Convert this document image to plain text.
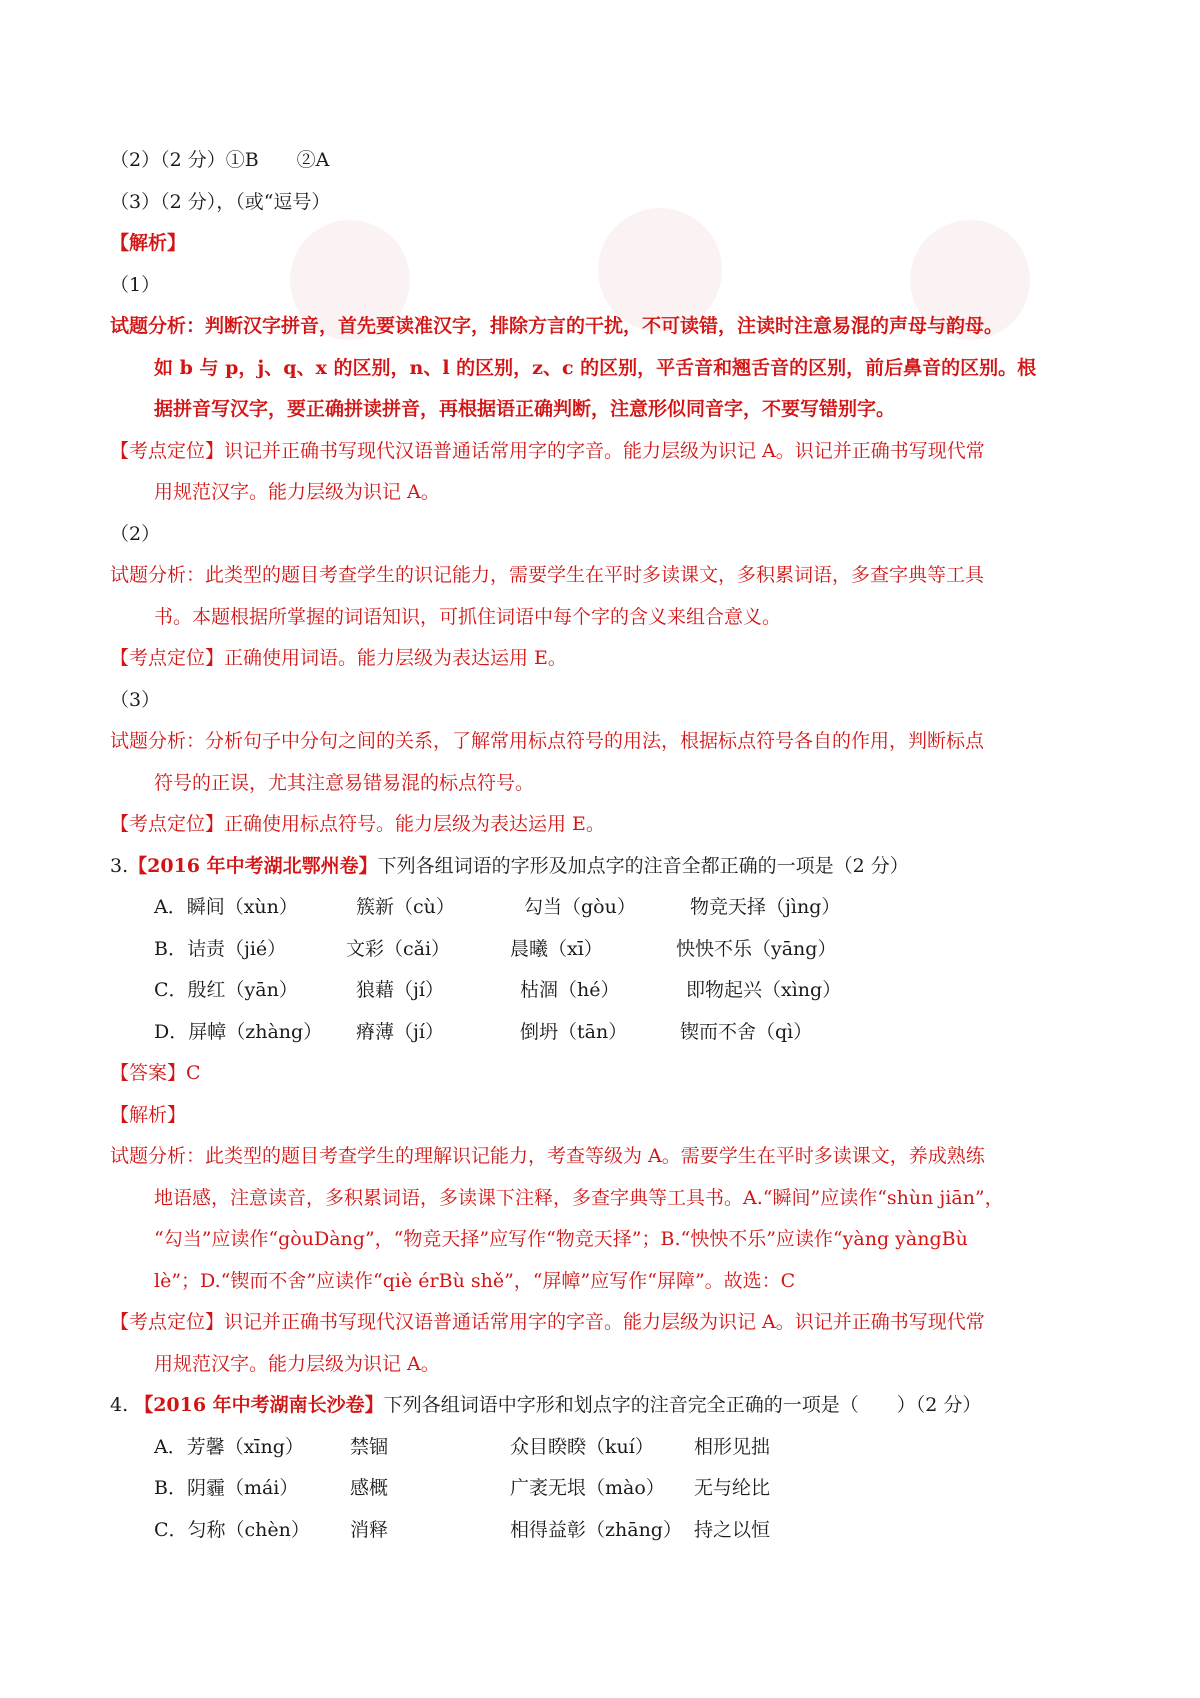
（2）（2 分）①B　　②A
（3）（2 分），（或“逗号）
【解析】
（1）
试题分析：判断汉字拼音，首先要读准汉字，排除方言的干扰，不可读错，注读时注意易混的声母与韵母。
如 b 与 p，j、q、x 的区别，n、l 的区别，z、c 的区别，平舌音和翘舌音的区别，前后鼻音的区别。根
据拼音写汉字，要正确拼读拼音，再根据语正确判断，注意形似同音字，不要写错别字。
【考点定位】识记并正确书写现代汉语普通话常用字的字音。能力层级为识记 A。识记并正确书写现代常
用规范汉字。能力层级为识记 A。
（2）
试题分析：此类型的题目考查学生的识记能力，需要学生在平时多读课文，多积累词语，多查字典等工具
书。本题根据所掌握的词语知识，可抓住词语中每个字的含义来组合意义。
【考点定位】正确使用词语。能力层级为表达运用 E。
（3）
试题分析：分析句子中分句之间的关系，了解常用标点符号的用法，根据标点符号各自的作用，判断标点
符号的正误，尤其注意易错易混的标点符号。
【考点定位】正确使用标点符号。能力层级为表达运用 E。
3.【2016 年中考湖北鄂州卷】下列各组词语的字形及加点字的注音全都正确的一项是（2 分）
A．瞬间（xùn）	簇新（cù）	勾当（gòu）	物竞天择（jìng）
B．诘责（jié）	文彩（cǎi）	晨曦（xī）	怏怏不乐（yāng）
C．殷红（yān）	狼藉（jí）	枯涸（hé）	即物起兴（xìng）
D．屏幛（zhàng） 瘠薄（jí）	倒坍（tān）	锲而不舍（qì）
【答案】C
【解析】
试题分析：此类型的题目考查学生的理解识记能力，考查等级为 A。需要学生在平时多读课文，养成熟练
地语感，注意读音，多积累词语，多读课下注释，多查字典等工具书。A.“瞬间”应读作“shùn jiān”，
“勾当”应读作“gòuDàng”，“物竞天择”应写作“物竞天择”；B.“怏怏不乐”应读作“yàng yàngBù
lè”；D.“锲而不舍”应读作“qiè érBù shě”，“屏幛”应写作“屏障”。故选：C
【考点定位】识记并正确书写现代汉语普通话常用字的字音。能力层级为识记 A。识记并正确书写现代常
用规范汉字。能力层级为识记 A。
4. 【2016 年中考湖南长沙卷】下列各组词语中字形和划点字的注音完全正确的一项是（　　）（2 分）
A．芳馨（xīng） 禁锢	众目睽睽（kuí） 相形见拙
B．阴霾（mái）	感概	广袤无垠（mào） 无与纶比
C．匀称（chèn） 消释	相得益彰（zhāng） 持之以恒
